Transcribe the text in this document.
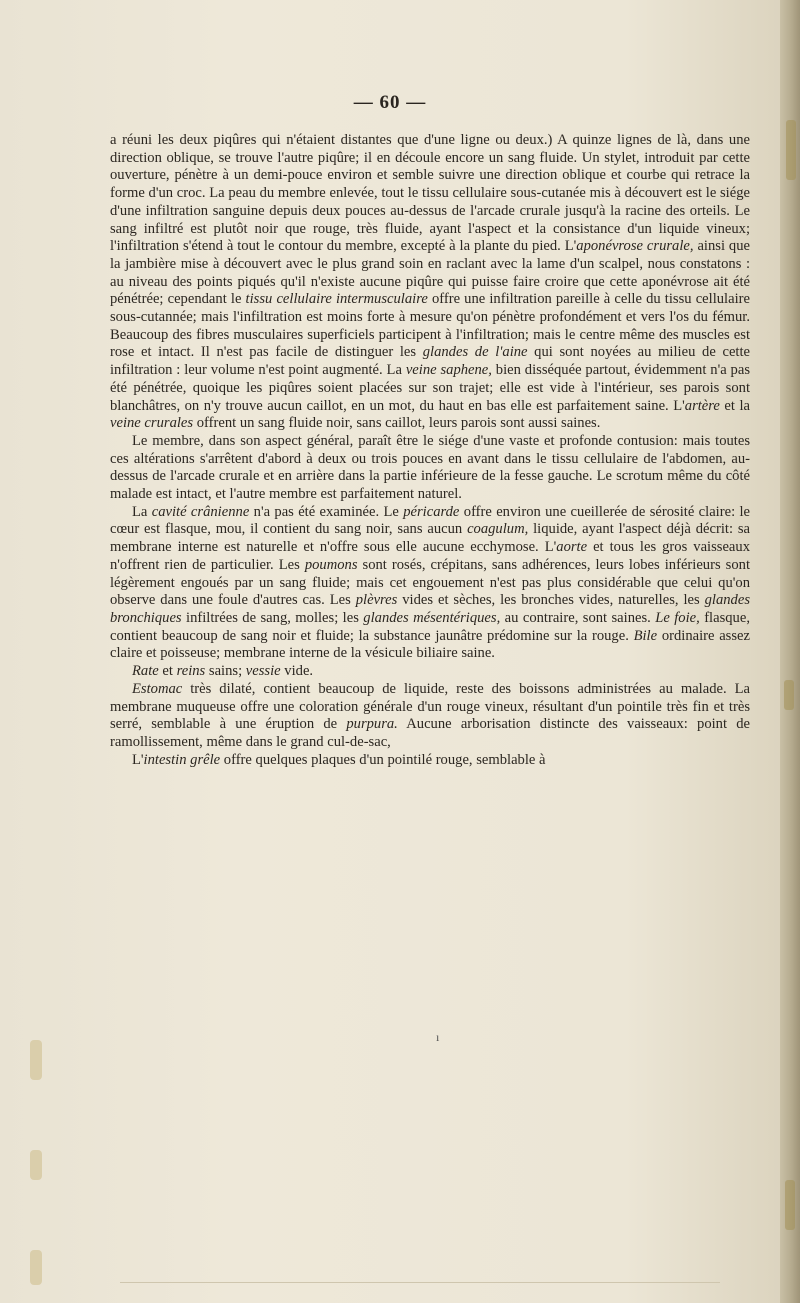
— 60 —

a réuni les deux piqûres qui n'étaient distantes que d'une ligne ou deux.) A quinze lignes de là, dans une direction oblique, se trouve l'autre piqûre; il en découle encore un sang fluide. Un stylet, introduit par cette ouverture, pénètre à un demi-pouce environ et semble suivre une direction oblique et courbe qui retrace la forme d'un croc. La peau du membre enlevée, tout le tissu cellulaire sous-cutanée mis à découvert est le siége d'une infiltration sanguine depuis deux pouces au-dessus de l'arcade crurale jusqu'à la racine des orteils. Le sang infiltré est plutôt noir que rouge, très fluide, ayant l'aspect et la consistance d'un liquide vineux; l'infiltration s'étend à tout le contour du membre, excepté à la plante du pied. L'aponévrose crurale, ainsi que la jambière mise à découvert avec le plus grand soin en raclant avec la lame d'un scalpel, nous constatons : au niveau des points piqués qu'il n'existe aucune piqûre qui puisse faire croire que cette aponévrose ait été pénétrée; cependant le tissu cellulaire intermusculaire offre une infiltration pareille à celle du tissu cellulaire sous-cutannée; mais l'infiltration est moins forte à mesure qu'on pénètre profondément et vers l'os du fémur. Beaucoup des fibres musculaires superficiels participent à l'infiltration; mais le centre même des muscles est rose et intact. Il n'est pas facile de distinguer les glandes de l'aine qui sont noyées au milieu de cette infiltration : leur volume n'est point augmenté. La veine saphene, bien disséquée partout, évidemment n'a pas été pénétrée, quoique les piqûres soient placées sur son trajet; elle est vide à l'intérieur, ses parois sont blanchâtres, on n'y trouve aucun caillot, en un mot, du haut en bas elle est parfaitement saine. L'artère et la veine crurales offrent un sang fluide noir, sans caillot, leurs parois sont aussi saines.

Le membre, dans son aspect général, paraît être le siége d'une vaste et profonde contusion: mais toutes ces altérations s'arrêtent d'abord à deux ou trois pouces en avant dans le tissu cellulaire de l'abdomen, au-dessus de l'arcade crurale et en arrière dans la partie inférieure de la fesse gauche. Le scrotum même du côté malade est intact, et l'autre membre est parfaitement naturel.

La cavité crânienne n'a pas été examinée. Le péricarde offre environ une cueillerée de sérosité claire: le cœur est flasque, mou, il contient du sang noir, sans aucun coagulum, liquide, ayant l'aspect déjà décrit: sa membrane interne est naturelle et n'offre sous elle aucune ecchymose. L'aorte et tous les gros vaisseaux n'offrent rien de particulier. Les poumons sont rosés, crépitans, sans adhérences, leurs lobes inférieurs sont légèrement engoués par un sang fluide; mais cet engouement n'est pas plus considérable que celui qu'on observe dans une foule d'autres cas. Les plèvres vides et sèches, les bronches vides, naturelles, les glandes bronchiques infiltrées de sang, molles; les glandes mésentériques, au contraire, sont saines. Le foie, flasque, contient beaucoup de sang noir et fluide; la substance jaunâtre prédomine sur la rouge. Bile ordinaire assez claire et poisseuse; membrane interne de la vésicule biliaire saine.

Rate et reins sains; vessie vide.

Estomac très dilaté, contient beaucoup de liquide, reste des boissons administrées au malade. La membrane muqueuse offre une coloration générale d'un rouge vineux, résultant d'un pointile très fin et très serré, semblable à une éruption de purpura. Aucune arborisation distincte des vaisseaux: point de ramollissement, même dans le grand cul-de-sac,

L'intestin grêle offre quelques plaques d'un pointilé rouge, semblable à

ı
